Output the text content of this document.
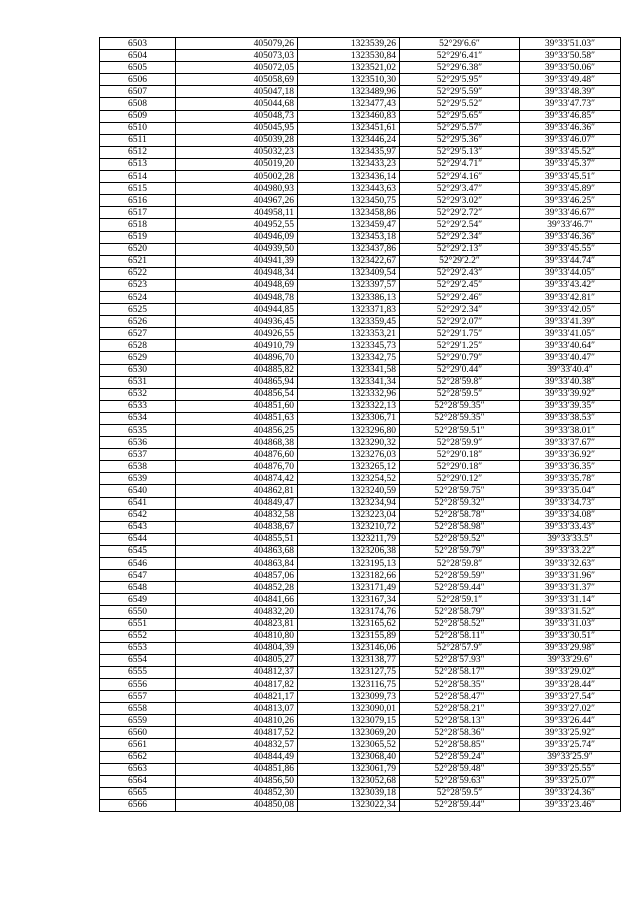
6503	405079,26	1323539,26	52°29′6.6″	39°33′51.03″
6504	405073,03	1323530,84	52°29′6.41″	39°33′50.58″
6505	405072,05	1323521,02	52°29′6.38″	39°33′50.06″
6506	405058,69	1323510,30	52°29′5.95″	39°33′49.48″
6507	405047,18	1323489,96	52°29′5.59″	39°33′48.39″
6508	405044,68	1323477,43	52°29′5.52″	39°33′47.73″
6509	405048,73	1323460,83	52°29′5.65″	39°33′46.85″
6510	405045,95	1323451,61	52°29′5.57″	39°33′46.36″
6511	405039,28	1323446,24	52°29′5.36″	39°33′46.07″
6512	405032,23	1323435,97	52°29′5.13″	39°33′45.52″
6513	405019,20	1323433,23	52°29′4.71″	39°33′45.37″
6514	405002,28	1323436,14	52°29′4.16″	39°33′45.51″
6515	404980,93	1323443,63	52°29′3.47″	39°33′45.89″
6516	404967,26	1323450,75	52°29′3.02″	39°33′46.25″
6517	404958,11	1323458,86	52°29′2.72″	39°33′46.67″
6518	404952,55	1323459,47	52°29′2.54″	39°33′46.7″
6519	404946,09	1323453,18	52°29′2.34″	39°33′46.36″
6520	404939,50	1323437,86	52°29′2.13″	39°33′45.55″
6521	404941,39	1323422,67	52°29′2.2″	39°33′44.74″
6522	404948,34	1323409,54	52°29′2.43″	39°33′44.05″
6523	404948,69	1323397,57	52°29′2.45″	39°33′43.42″
6524	404948,78	1323386,13	52°29′2.46″	39°33′42.81″
6525	404944,85	1323371,83	52°29′2.34″	39°33′42.05″
6526	404936,45	1323359,45	52°29′2.07″	39°33′41.39″
6527	404926,55	1323353,21	52°29′1.75″	39°33′41.05″
6528	404910,79	1323345,73	52°29′1.25″	39°33′40.64″
6529	404896,70	1323342,75	52°29′0.79″	39°33′40.47″
6530	404885,82	1323341,58	52°29′0.44″	39°33′40.4″
6531	404865,94	1323341,34	52°28′59.8″	39°33′40.38″
6532	404856,54	1323332,96	52°28′59.5″	39°33′39.92″
6533	404851,60	1323322,13	52°28′59.35″	39°33′39.35″
6534	404851,63	1323306,71	52°28′59.35″	39°33′38.53″
6535	404856,25	1323296,80	52°28′59.51″	39°33′38.01″
6536	404868,38	1323290,32	52°28′59.9″	39°33′37.67″
6537	404876,60	1323276,03	52°29′0.18″	39°33′36.92″
6538	404876,70	1323265,12	52°29′0.18″	39°33′36.35″
6539	404874,42	1323254,52	52°29′0.12″	39°33′35.78″
6540	404862,81	1323240,59	52°28′59.75″	39°33′35.04″
6541	404849,47	1323234,94	52°28′59.32″	39°33′34.73″
6542	404832,58	1323223,04	52°28′58.78″	39°33′34.08″
6543	404838,67	1323210,72	52°28′58.98″	39°33′33.43″
6544	404855,51	1323211,79	52°28′59.52″	39°33′33.5″
6545	404863,68	1323206,38	52°28′59.79″	39°33′33.22″
6546	404863,84	1323195,13	52°28′59.8″	39°33′32.63″
6547	404857,06	1323182,66	52°28′59.59″	39°33′31.96″
6548	404852,28	1323171,49	52°28′59.44″	39°33′31.37″
6549	404841,66	1323167,34	52°28′59.1″	39°33′31.14″
6550	404832,20	1323174,76	52°28′58.79″	39°33′31.52″
6551	404823,81	1323165,62	52°28′58.52″	39°33′31.03″
6552	404810,80	1323155,89	52°28′58.11″	39°33′30.51″
6553	404804,39	1323146,06	52°28′57.9″	39°33′29.98″
6554	404805,27	1323138,77	52°28′57.93″	39°33′29.6″
6555	404812,37	1323127,75	52°28′58.17″	39°33′29.02″
6556	404817,82	1323116,75	52°28′58.35″	39°33′28.44″
6557	404821,17	1323099,73	52°28′58.47″	39°33′27.54″
6558	404813,07	1323090,01	52°28′58.21″	39°33′27.02″
6559	404810,26	1323079,15	52°28′58.13″	39°33′26.44″
6560	404817,52	1323069,20	52°28′58.36″	39°33′25.92″
6561	404832,57	1323065,52	52°28′58.85″	39°33′25.74″
6562	404844,49	1323068,40	52°28′59.24″	39°33′25.9″
6563	404851,86	1323061,79	52°28′59.48″	39°33′25.55″
6564	404856,50	1323052,68	52°28′59.63″	39°33′25.07″
6565	404852,30	1323039,18	52°28′59.5″	39°33′24.36″
6566	404850,08	1323022,34	52°28′59.44″	39°33′23.46″
